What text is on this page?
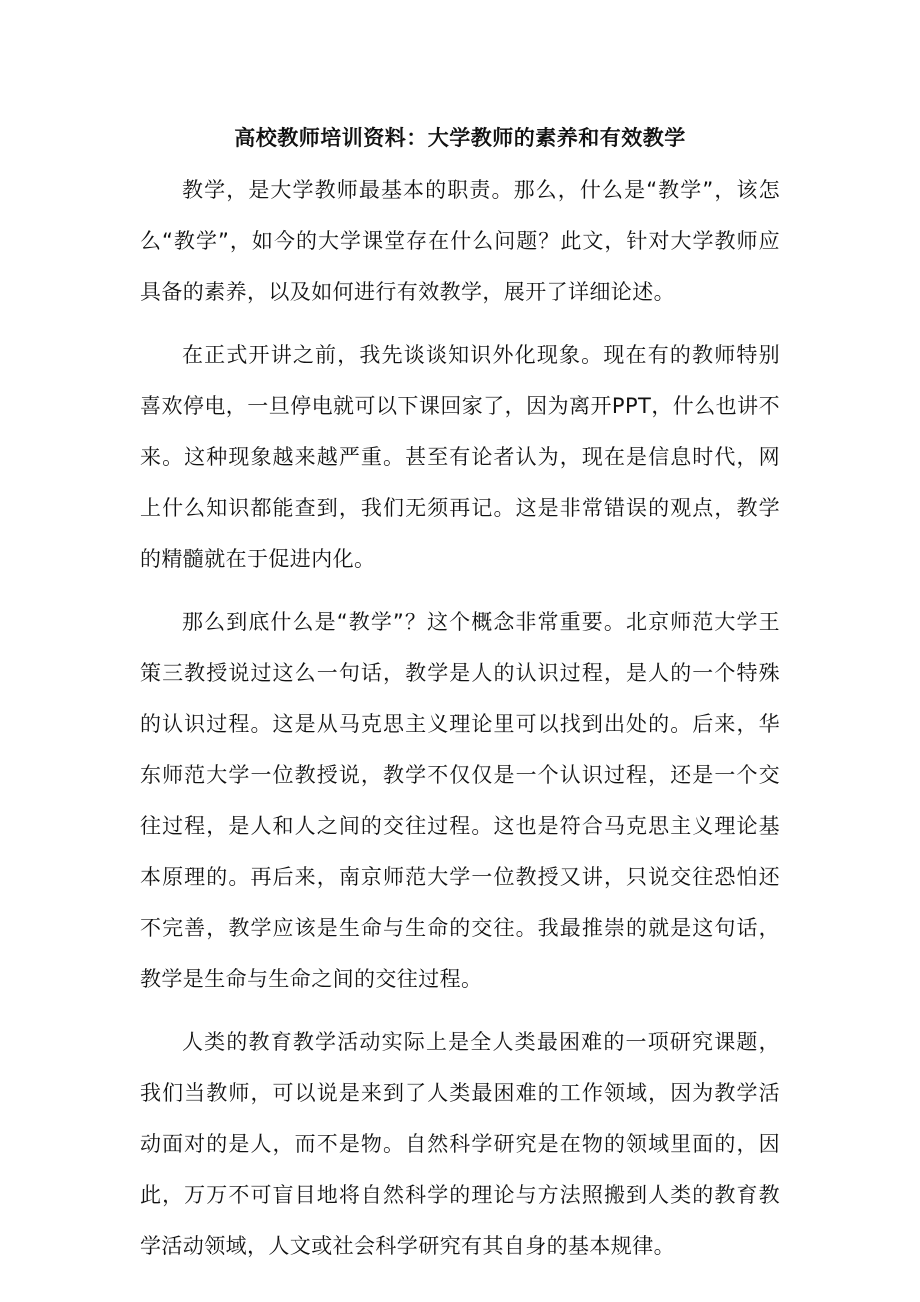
高校教师培训资料：大学教师的素养和有效教学

教学，是大学教师最基本的职责。那么，什么是“教学”，该怎么“教学”，如今的大学课堂存在什么问题？此文，针对大学教师应具备的素养，以及如何进行有效教学，展开了详细论述。

在正式开讲之前，我先谈谈知识外化现象。现在有的教师特别喜欢停电，一旦停电就可以下课回家了，因为离开PPT，什么也讲不来。这种现象越来越严重。甚至有论者认为，现在是信息时代，网上什么知识都能查到，我们无须再记。这是非常错误的观点，教学的精髓就在于促进内化。

那么到底什么是“教学”？这个概念非常重要。北京师范大学王策三教授说过这么一句话，教学是人的认识过程，是人的一个特殊的认识过程。这是从马克思主义理论里可以找到出处的。后来，华东师范大学一位教授说，教学不仅仅是一个认识过程，还是一个交往过程，是人和人之间的交往过程。这也是符合马克思主义理论基本原理的。再后来，南京师范大学一位教授又讲，只说交往恐怕还不完善，教学应该是生命与生命的交往。我最推崇的就是这句话，教学是生命与生命之间的交往过程。

人类的教育教学活动实际上是全人类最困难的一项研究课题，我们当教师，可以说是来到了人类最困难的工作领域，因为教学活动面对的是人，而不是物。自然科学研究是在物的领域里面的，因此，万万不可盲目地将自然科学的理论与方法照搬到人类的教育教学活动领域，人文或社会科学研究有其自身的基本规律。
